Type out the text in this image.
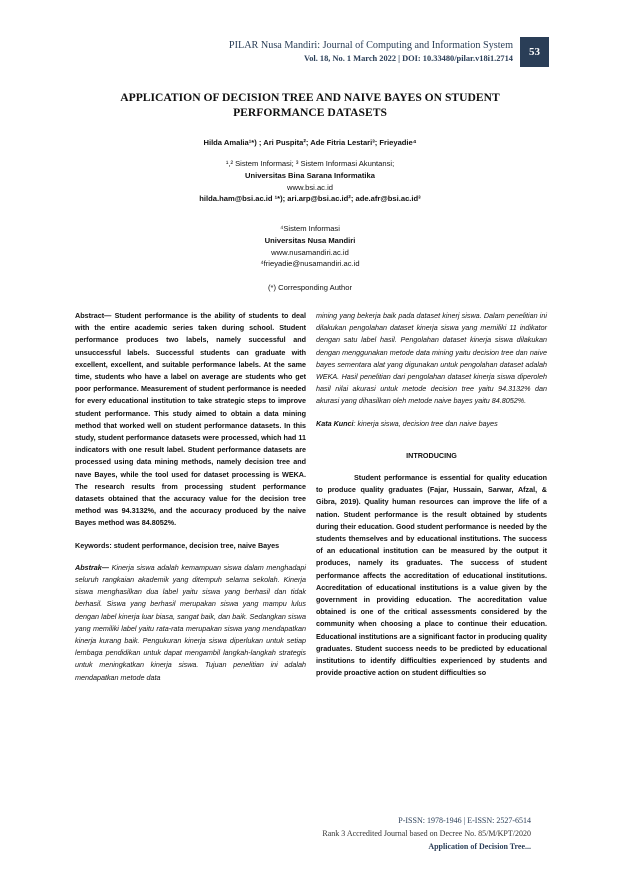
PILAR Nusa Mandiri: Journal of Computing and Information System
Vol. 18, No. 1 March 2022 | DOI: 10.33480/pilar.v18i1.2714
53
APPLICATION OF DECISION TREE AND NAIVE BAYES ON STUDENT
PERFORMANCE DATASETS
Hilda Amalia¹*) ; Ari Puspita²; Ade Fitria Lestari³; Frieyadie⁴
¹,² Sistem Informasi; ³ Sistem Informasi Akuntansi;
Universitas Bina Sarana Informatika
www.bsi.ac.id
hilda.ham@bsi.ac.id ¹*); ari.arp@bsi.ac.id²; ade.afr@bsi.ac.id³
⁴Sistem Informasi
Universitas Nusa Mandiri
www.nusamandiri.ac.id
⁴frieyadie@nusamandiri.ac.id
(*) Corresponding Author

Abstract— Student performance is the ability of students to deal with the entire academic series taken during school. Student performance produces two labels, namely successful and unsuccessful labels. Successful students can graduate with excellent, excellent, and suitable performance labels. At the same time, students who have a label on average are students who get poor performance. Measurement of student performance is needed for every educational institution to take strategic steps to improve student performance. This study aimed to obtain a data mining method that worked well on student performance datasets. In this study, student performance datasets were processed, which had 11 indicators with one result label. Student performance datasets are processed using data mining methods, namely decision tree and nave Bayes, while the tool used for dataset processing is WEKA. The research results from processing student performance datasets obtained that the accuracy value for the decision tree method was 94.3132%, and the accuracy produced by the naive Bayes method was 84.8052%.

Keywords: student performance, decision tree, naive Bayes

Abstrak— Kinerja siswa adalah kemampuan siswa dalam menghadapi seluruh rangkaian akademik yang ditempuh selama sekolah. Kinerja siswa menghasilkan dua label yaitu siswa yang berhasil dan tidak berhasil. Siswa yang berhasil merupakan siswa yang mampu lulus dengan label kinerja luar biasa, sangat baik, dan baik. Sedangkan siswa yang memiliki label yaitu rata-rata merupakan siswa yang mendapatkan kinerja kurang baik. Pengukuran kinerja siswa diperlukan untuk setiap lembaga pendidikan untuk dapat mengambil langkah-langkah strategis untuk meningkatkan kinerja siswa. Tujuan penelitian ini adalah mendapatkan metode data

mining yang bekerja baik pada dataset kinerj siswa. Dalam penelitian ini dilakukan pengolahan dataset kinerja siswa yang memiliki 11 indikator dengan satu label hasil. Pengolahan dataset kinerja siswa dilakukan dengan menggunakan metode data mining yaitu decision tree dan naive bayes sementara alat yang digunakan untuk pengolahan dataset adalah WEKA. Hasil penelitian dari pengolahan dataset kinerja siswa diperoleh hasil nilai akurasi untuk metode decision tree yaitu 94.3132% dan akurasi yang dihasilkan oleh metode naive bayes yaitu 84.8052%.

Kata Kunci: kinerja siswa, decision tree dan naive bayes

INTRODUCING

Student performance is essential for quality education to produce quality graduates (Fajar, Hussain, Sarwar, Afzal, & Gibra, 2019). Quality human resources can improve the life of a nation. Student performance is the result obtained by students during their education. Good student performance is needed by the students themselves and by educational institutions. The success of an educational institution can be measured by the output it produces, namely its graduates. The success of student performance affects the accreditation of educational institutions. Accreditation of educational institutions is a value given by the government in providing education. The accreditation value obtained is one of the critical assessments considered by the community when choosing a place to continue their education. Educational institutions are a significant factor in producing quality graduates. Student success needs to be predicted by educational institutions to identify difficulties experienced by students and provide proactive action on student difficulties so

P-ISSN: 1978-1946 | E-ISSN: 2527-6514
Rank 3 Accredited Journal based on Decree No. 85/M/KPT/2020
Application of Decision Tree...
